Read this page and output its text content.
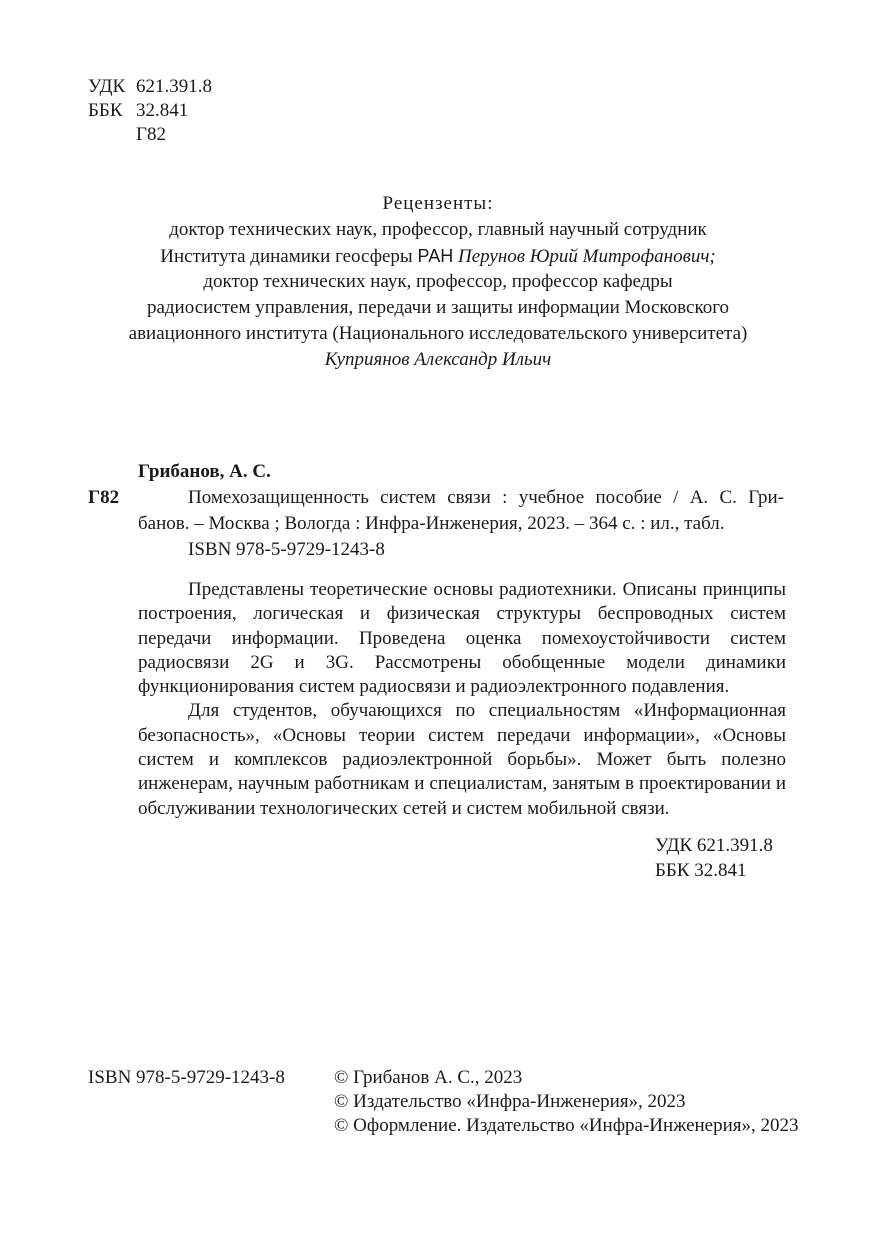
УДК 621.391.8
ББК 32.841
Г82
Рецензенты:
доктор технических наук, профессор, главный научный сотрудник
Института динамики геосферы РАН Перунов Юрий Митрофанович;
доктор технических наук, профессор, профессор кафедры
радиосистем управления, передачи и защиты информации Московского
авиационного института (Национального исследовательского университета)
Куприянов Александр Ильич
Грибанов, А. С.
Г82	Помехозащищенность систем связи : учебное пособие / А. С. Гри-
банов. – Москва ; Вологда : Инфра-Инженерия, 2023. – 364 с. : ил., табл.
ISBN 978-5-9729-1243-8

Представлены теоретические основы радиотехники. Описаны принципы построения, логическая и физическая структуры беспроводных систем передачи информации. Проведена оценка помехоустойчивости систем радиосвязи 2G и 3G. Рассмотрены обобщенные модели динамики функционирования систем радиосвязи и радиоэлектронного подавления.

Для студентов, обучающихся по специальностям «Информационная безопасность», «Основы теории систем передачи информации», «Основы систем и комплексов радиоэлектронной борьбы». Может быть полезно инженерам, научным работникам и специалистам, занятым в проектировании и обслуживании технологических сетей и систем мобильной связи.

УДК 621.391.8
ББК 32.841
ISBN 978-5-9729-1243-8	© Грибанов А. С., 2023
© Издательство «Инфра-Инженерия», 2023
© Оформление. Издательство «Инфра-Инженерия», 2023
